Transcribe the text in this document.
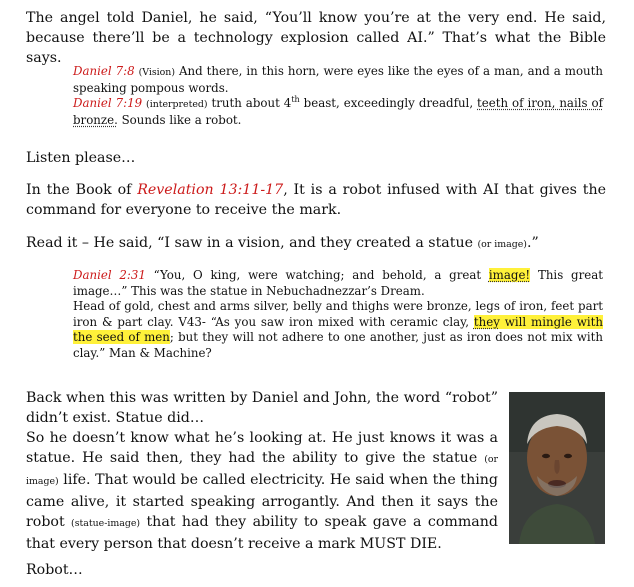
The angel told Daniel, he said, “You’ll know you’re at the very end. He said, because there’ll be a technology explosion called AI.” That’s what the Bible says.

Daniel 7:8 (Vision) And there, in this horn, were eyes like the eyes of a man, and a mouth speaking pompous words.
Daniel 7:19 (interpreted) truth about 4th beast, exceedingly dreadful, teeth of iron, nails of bronze. Sounds like a robot.

Listen please…

In the Book of Revelation 13:11-17, It is a robot infused with AI that gives the command for everyone to receive the mark.

Read it – He said, “I saw in a vision, and they created a statue (or image).”

Daniel 2:31 “You, O king, were watching; and behold, a great image! This great image…” This was the statue in Nebuchadnezzar’s Dream.
Head of gold, chest and arms silver, belly and thighs were bronze, legs of iron, feet part iron & part clay. V43- “As you saw iron mixed with ceramic clay, they will mingle with the seed of men; but they will not adhere to one another, just as iron does not mix with clay.” Man & Machine?

Back when this was written by Daniel and John, the word “robot” didn’t exist. Statue did…
So he doesn’t know what he’s looking at. He just knows it was a statue. He said then, they had the ability to give the statue (or image) life. That would be called electricity. He said when the thing came alive, it started speaking arrogantly. And then it says the robot (statue-image) that had they ability to speak gave a command that every person that doesn’t receive a mark MUST DIE.

Robot…
